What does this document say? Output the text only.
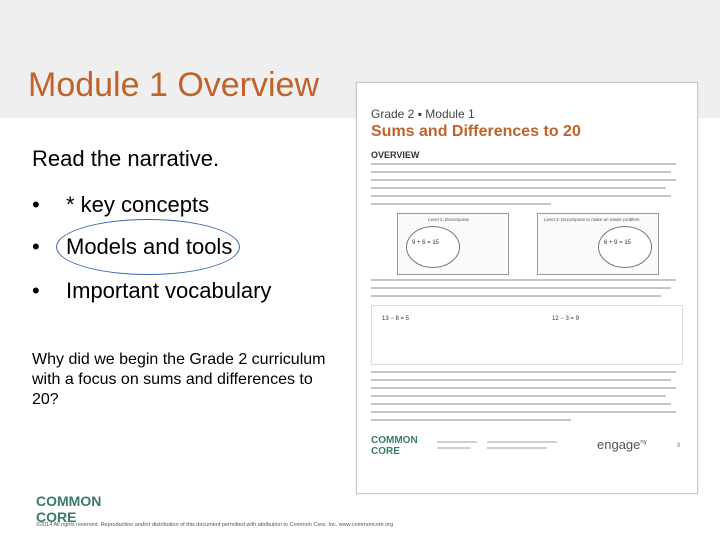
Module 1 Overview
Read the narrative.
• * key concepts
• Models and tools
• Important vocabulary
Why did we begin the Grade 2 curriculum with a focus on sums and differences to 20?
COMMON
CORE
©2014 All rights reserved. Reproduction and/or distribution of this document permitted with attribution to Common Core, Inc. www.commoncore.org
Grade 2 ▪ Module 1
Sums and Differences to 20
OVERVIEW
Level 2: Decompose
9 + 6 = 15
Level 3: Decompose to make an easier problem
6 + 9 = 15
13 − 8 = 5	12 − 3 = 9
COMMON
CORE	engage$^{ny}$
8
